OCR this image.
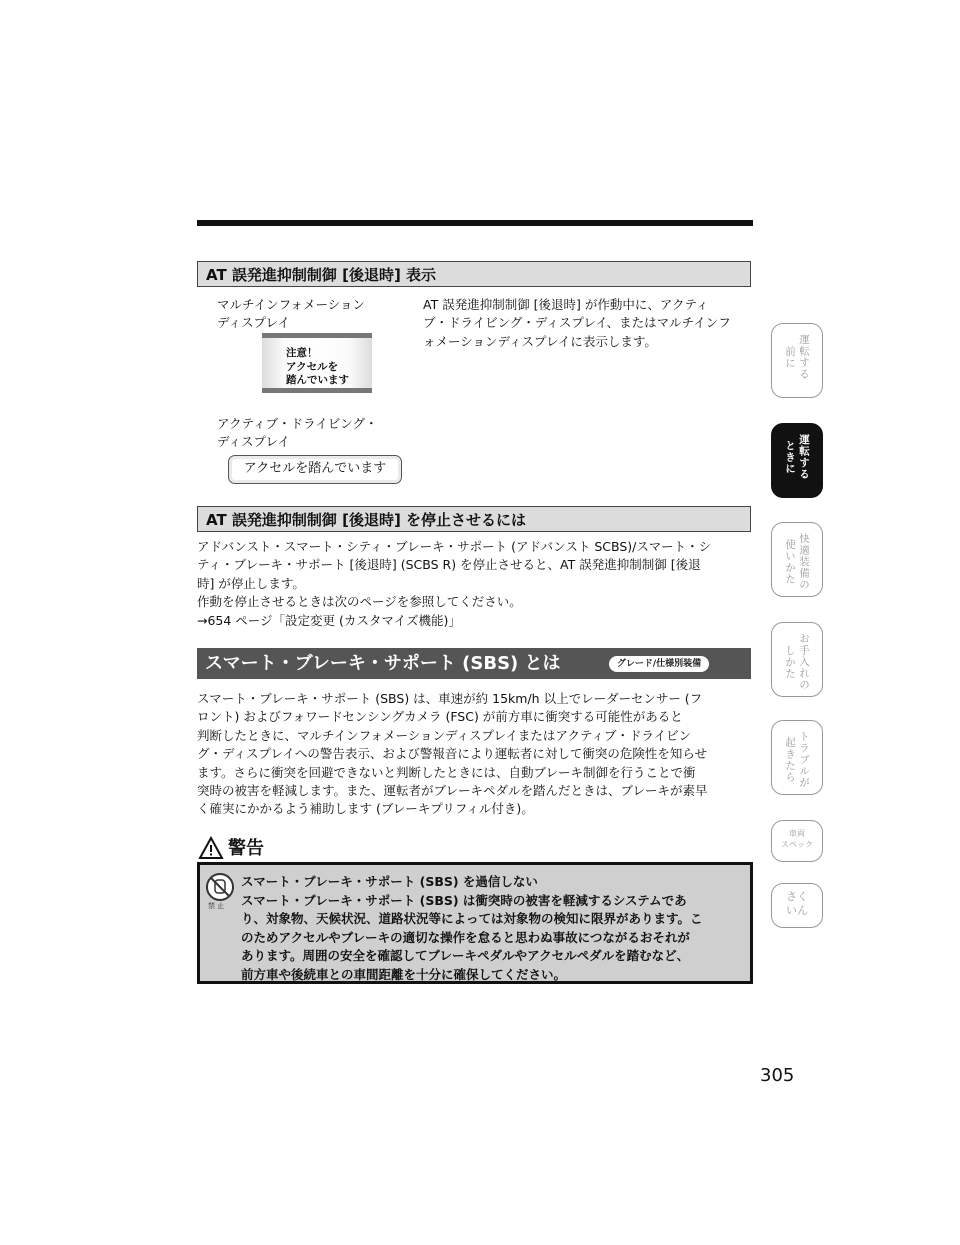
AT 誤発進抑制制御 [後退時] 表示
マルチインフォメーション
ディスプレイ
注意！
アクセルを
踏んでいます
アクティブ・ドライビング・
ディスプレイ
アクセルを踏んでいます
AT 誤発進抑制制御 [後退時] が作動中に、アクティ
ブ・ドライビング・ディスプレイ、またはマルチインフ
ォメーションディスプレイに表示します。
AT 誤発進抑制制御 [後退時] を停止させるには
アドバンスト・スマート・シティ・ブレーキ・サポート (アドバンスト SCBS)/スマート・シ
ティ・ブレーキ・サポート [後退時] (SCBS R) を停止させると、AT 誤発進抑制制御 [後退
時] が停止します。
作動を停止させるときは次のページを参照してください。
→654 ページ「設定変更 (カスタマイズ機能)」
スマート・ブレーキ・サポート (SBS) とは	グレード/仕様別装備
スマート・ブレーキ・サポート (SBS) は、車速が約 15km/h 以上でレーダーセンサー (フ
ロント) およびフォワードセンシングカメラ (FSC) が前方車に衝突する可能性があると
判断したときに、マルチインフォメーションディスプレイまたはアクティブ・ドライビン
グ・ディスプレイへの警告表示、および警報音により運転者に対して衝突の危険性を知らせ
ます。さらに衝突を回避できないと判断したときには、自動ブレーキ制御を行うことで衝
突時の被害を軽減します。また、運転者がブレーキペダルを踏んだときは、ブレーキが素早
く確実にかかるよう補助します (ブレーキプリフィル付き)。
警告
禁 止
スマート・ブレーキ・サポート (SBS) を過信しない
スマート・ブレーキ・サポート (SBS) は衝突時の被害を軽減するシステムであ
り、対象物、天候状況、道路状況等によっては対象物の検知に限界があります。こ
のためアクセルやブレーキの適切な操作を怠ると思わぬ事故につながるおそれが
あります。周囲の安全を確認してブレーキペダルやアクセルペダルを踏むなど、
前方車や後続車との車間距離を十分に確保してください。
運転する
前に
運転する
ときに
快適装備の
使いかた
お手入れの
しかた
トラブルが
起きたら
車両
スペック
さく
いん
305
